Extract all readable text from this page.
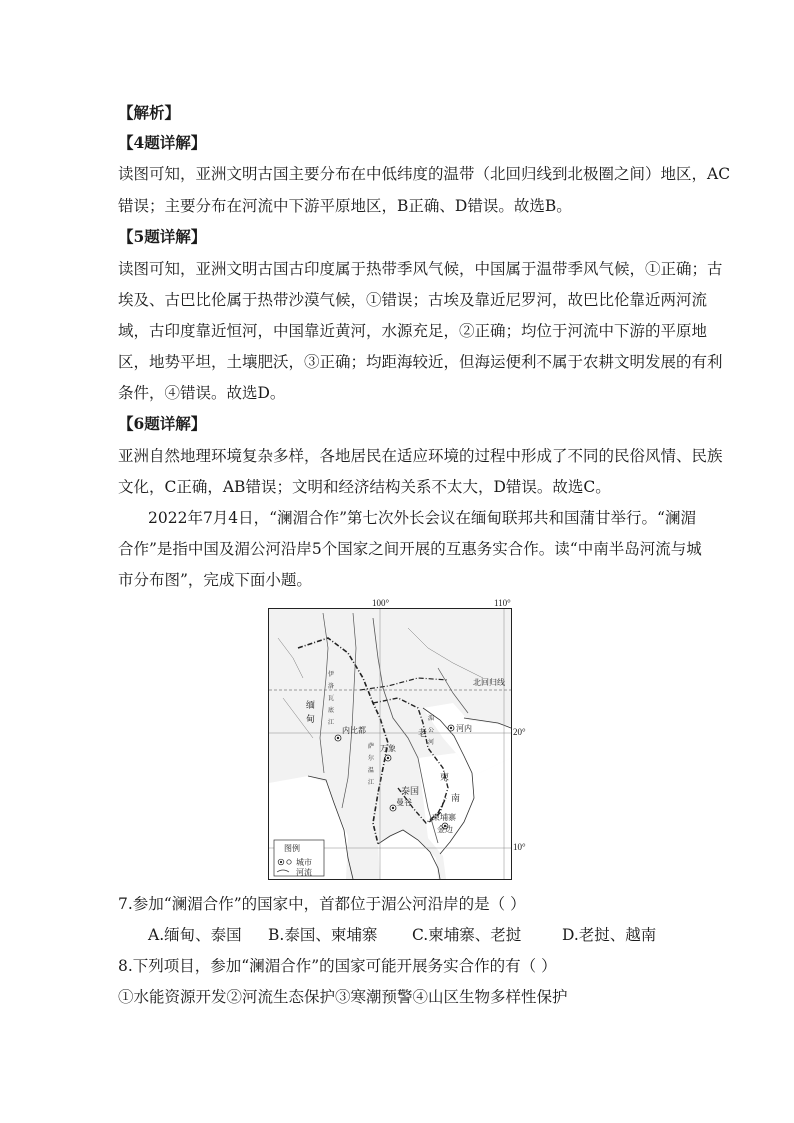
【解析】
【4题详解】
读图可知，亚洲文明古国主要分布在中低纬度的温带（北回归线到北极圈之间）地区，AC
错误；主要分布在河流中下游平原地区，B正确、D错误。故选B。
【5题详解】
读图可知，亚洲文明古国古印度属于热带季风气候，中国属于温带季风气候，①正确；古
埃及、古巴比伦属于热带沙漠气候，①错误；古埃及靠近尼罗河，故巴比伦靠近两河流
域，古印度靠近恒河，中国靠近黄河，水源充足，②正确；均位于河流中下游的平原地
区，地势平坦，土壤肥沃，③正确；均距海较近，但海运便利不属于农耕文明发展的有利
条件，④错误。故选D。
【6题详解】
亚洲自然地理环境复杂多样，各地居民在适应环境的过程中形成了不同的民俗风情、民族
文化，C正确，AB错误；文明和经济结构关系不太大，D错误。故选C。
2022年7月4日，“澜湄合作”第七次外长会议在缅甸联邦共和国蒲甘举行。“澜湄
合作”是指中国及湄公河沿岸5个国家之间开展的互惠务实合作。读“中南半岛河流与城
市分布图”，完成下面小题。
北回归线
缅
甸
泰国
老
南
柬
伊
洛
瓦
底
江
萨
尔
温
江
湄
公
河
内比都
万象
河内
曼谷
柬埔寨
金边
图例
城市
河流
100°	110°
20°
10°
7.参加“澜湄合作”的国家中，首都位于湄公河沿岸的是（ ）
A.缅甸、泰国 B.泰国、柬埔寨 C.柬埔寨、老挝	D.老挝、越南
8.下列项目，参加“澜湄合作”的国家可能开展务实合作的有（ ）
①水能资源开发②河流生态保护③寒潮预警④山区生物多样性保护
